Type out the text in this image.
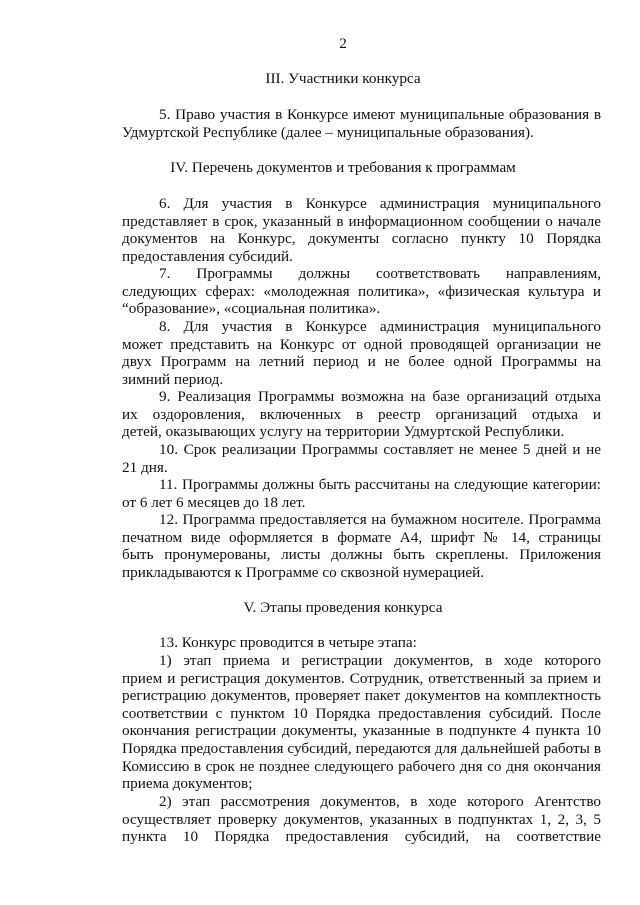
2
III. Участники конкурса
5. Право участия в Конкурсе имеют муниципальные образования в
Удмуртской Республике (далее – муниципальные образования).
IV. Перечень документов и требования к программам
6. Для участия в Конкурсе администрация муниципального
представляет в срок, указанный в информационном сообщении о начале
документов на Конкурс, документы согласно пункту 10 Порядка
предоставления субсидий.
7. Программы должны соответствовать направлениям,
следующих сферах: «молодежная политика», «физическая культура и
“образование», «социальная политика».
8. Для участия в Конкурсе администрация муниципального
может представить на Конкурс от одной проводящей организации не
двух Программ на летний период и не более одной Программы на
зимний период.
9. Реализация Программы возможна на базе организаций отдыха
их оздоровления, включенных в реестр организаций отдыха и
детей, оказывающих услугу на территории Удмуртской Республики.
10. Срок реализации Программы составляет не менее 5 дней и не
21 дня.
11. Программы должны быть рассчитаны на следующие категории:
от 6 лет 6 месяцев до 18 лет.
12. Программа предоставляется на бумажном носителе. Программа
печатном виде оформляется в формате А4, шрифт № 14, страницы
быть пронумерованы, листы должны быть скреплены. Приложения
прикладываются к Программе со сквозной нумерацией.
V. Этапы проведения конкурса
13. Конкурс проводится в четыре этапа:
1) этап приема и регистрации документов, в ходе которого
прием и регистрация документов. Сотрудник, ответственный за прием и
регистрацию документов, проверяет пакет документов на комплектность
соответствии с пунктом 10 Порядка предоставления субсидий. После
окончания регистрации документы, указанные в подпункте 4 пункта 10
Порядка предоставления субсидий, передаются для дальнейшей работы в
Комиссию в срок не позднее следующего рабочего дня со дня окончания
приема документов;
2) этап рассмотрения документов, в ходе которого Агентство
осуществляет проверку документов, указанных в подпунктах 1, 2, 3, 5
пункта 10 Порядка предоставления субсидий, на соответствие
